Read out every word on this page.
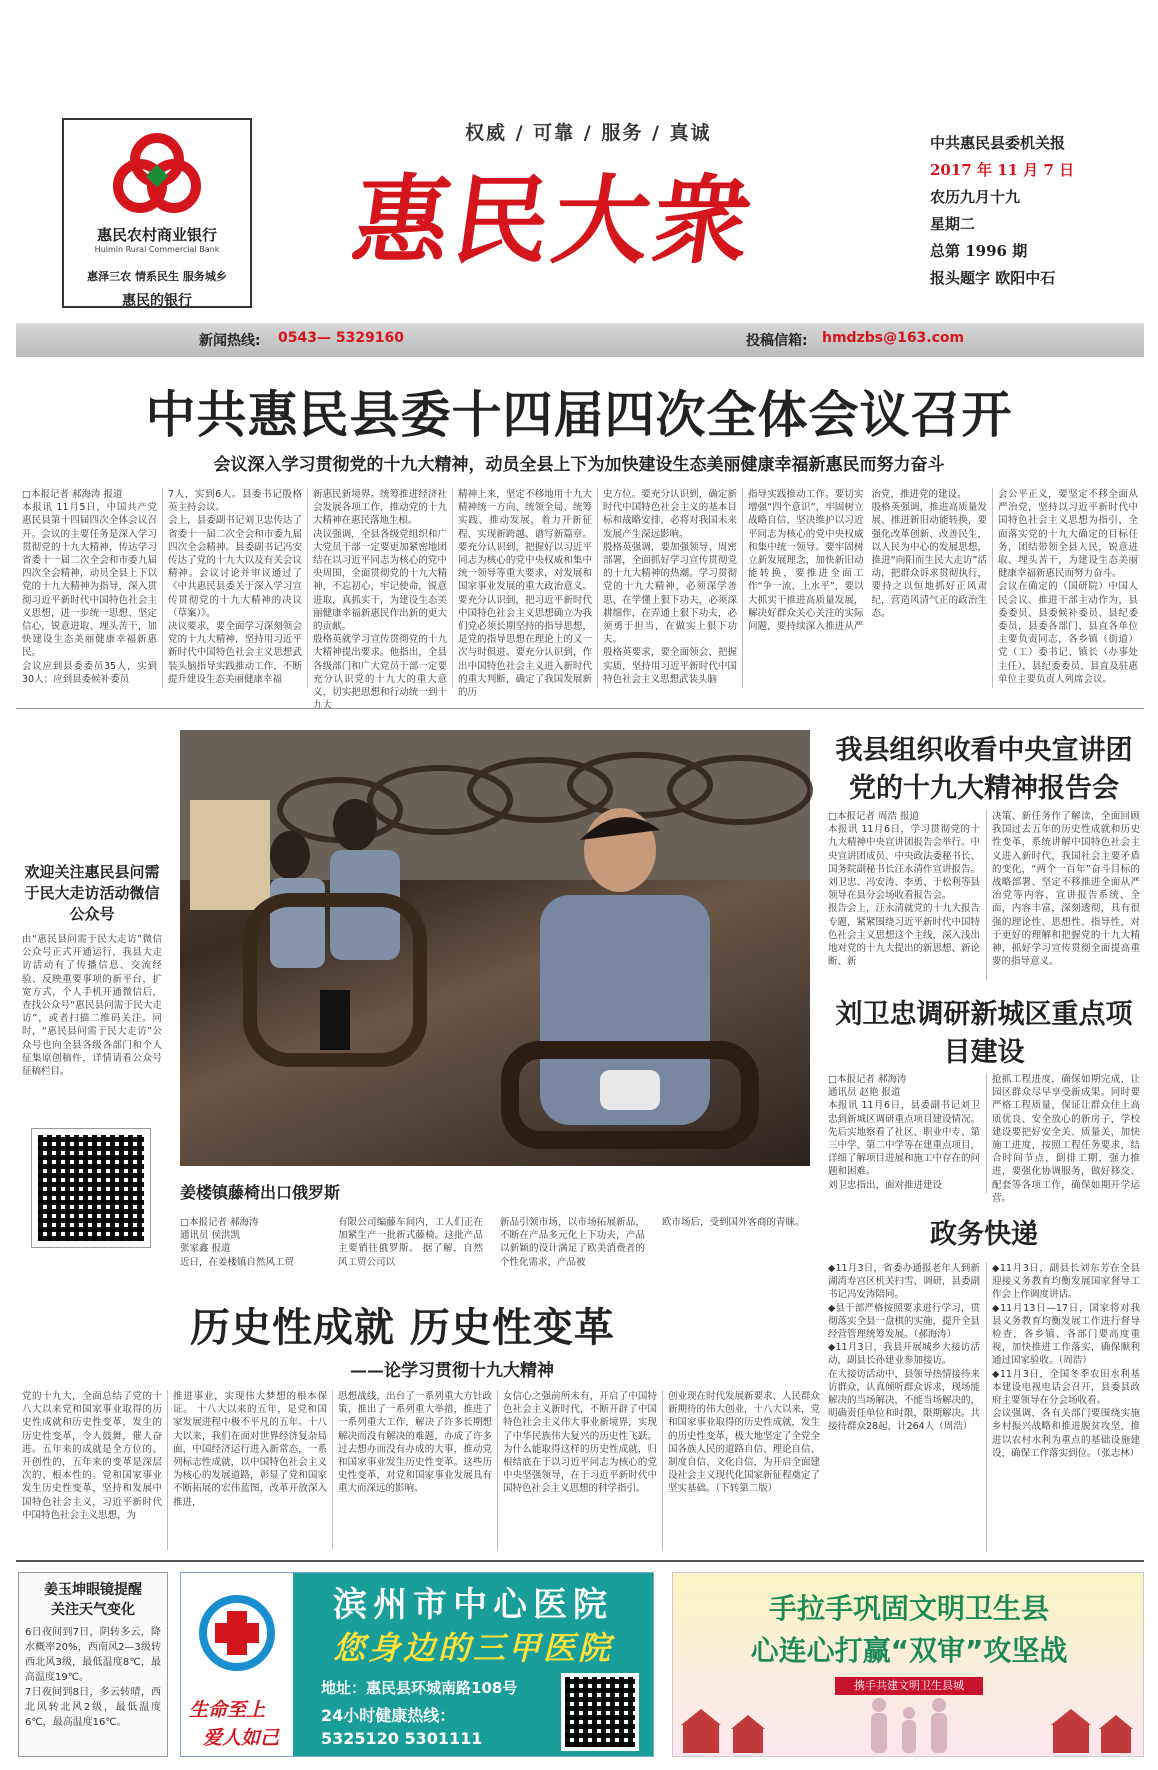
惠民农村商业银行
Huimin Rural Commercial Bank
惠泽三农 情系民生 服务城乡
惠民的银行
权威 / 可靠 / 服务 / 真诚
惠民大衆
中共惠民县委机关报
2017 年 11 月 7 日
农历九月十九
星期二
总第 1996 期
报头题字 欧阳中石
新闻热线: 0543— 5329160	投稿信箱: hmdzbs@163.com
中共惠民县委十四届四次全体会议召开
会议深入学习贯彻党的十九大精神，动员全县上下为加快建设生态美丽健康幸福新惠民而努力奋斗
□本报记者 郝海涛 报道
本报讯 11月5日，中国共产党惠民县第十四届四次全体会议召开。会议的主要任务是深入学习贯彻党的十九大精神，传达学习省委十一届二次全会和市委九届四次全会精神，动员全县上下以党的十九大精神为指导，深入贯彻习近平新时代中国特色社会主义思想，进一步统一思想、坚定信心，锐意进取、埋头苦干，加快建设生态美丽健康幸福新惠民。
会议应到县委委员35人，实到30人；应到县委候补委员
7人，实到6人。县委书记殷格英主持会议。
会上，县委副书记刘卫忠传达了省委十一届二次全会和市委九届四次全会精神。县委副书记冯安传达了党的十九大以及有关会议精神。会议讨论并审议通过了《中共惠民县委关于深入学习宣传贯彻党的十九大精神的决议（草案）》。
决议要求，要全面学习深刻领会党的十九大精神，坚持用习近平新时代中国特色社会主义思想武装头脑指导实践推动工作，不断提升建设生态美丽健康幸福
新惠民新境界。统筹推进经济社会发展各项工作，推动党的十九大精神在惠民落地生根。
决议强调，全县各级党组织和广大党员干部一定要更加紧密地团结在以习近平同志为核心的党中央周围，全面贯彻党的十九大精神，不忘初心，牢记使命，锐意进取，真抓实干，为建设生态美丽健康幸福新惠民作出新的更大的贡献。
殷格英就学习宣传贯彻党的十九大精神提出要求。他指出，全县各级部门和广大党员干部一定要充分认识党的十九大的重大意义，切实把思想和行动统一到十九大
精神上来，坚定不移地用十九大精神统一方向、统领全局、统筹实践、推动发展，着力开新征程、实现新跨越、谱写新篇章。要充分认识到，把握好以习近平同志为核心的党中央权威和集中统一领导等重大要求，对发展和国家事业发展的重大政治意义。要充分认识到，把习近平新时代中国特色社会主义思想确立为我们党必须长期坚持的指导思想，是党的指导思想在理论上的又一次与时俱进。要充分认识到，作出中国特色社会主义进入新时代的重大判断，确定了我国发展新的历
史方位。要充分认识到，确定新时代中国特色社会主义的基本目标和战略安排，必将对我国未来发展产生深远影响。
殷格英强调，要加强领导、周密部署，全面抓好学习宣传贯彻党的十九大精神的热潮。学习贯彻党的十九大精神，必须深学善思、在学懂上狠下功夫，必须深耕细作，在弄通上狠下功夫，必须勇于担当，在做实上狠下功夫。
殷格英要求，要全面领会、把握实质，坚持用习近平新时代中国特色社会主义思想武装头脑
指导实践推动工作。要切实增强“四个意识”，牢固树立战略自信，坚决维护以习近平同志为核心的党中央权威和集中统一领导。要牢固树立新发展理念，加快新旧动能转换，要推进全面工作“争一流、上水平”，要以大抓实干推进高质量发展，解决好群众关心关注的实际问题，要持续深入推进从严治党，推进党的建设。
殷格英强调，推进高质量发展、推进新旧动能转换，要强化改革创新、改善民生，以人民为中心的发展思想，推进“向阳而生民大走访”活动，把群众诉求贯彻执行，要持之以恒地抓好正风肃纪，营造风清气正的政治生态。
会公平正义，要坚定不移全面从严治党，坚持以习近平新时代中国特色社会主义思想为指引，全面落实党的十九大确定的目标任务，团结带领全县人民，锐意进取、埋头苦干，为建设生态美丽健康幸福新惠民而努力奋斗。
会议在确定的（国研院）中国人民会议、推进干部主动作为，县委委员、县委候补委员、县纪委委员，县委各部门、县直各单位主要负责同志，各乡镇（街道）党（工）委书记、镇长（办事处主任），县纪委委员、县直及驻惠单位主要负责人列席会议。
欢迎关注惠民县问需于民大走访活动微信公众号
由“惠民县问需于民大走访”微信公众号正式开通运行，我县大走访活动有了传播信息、交流经验、反映重要事项的新平台，扩宽方式，个人手机开通微信后，查找公众号“惠民县问需于民大走访”，或者扫描二维码关注。同时，“惠民县问需于民大走访”公众号也向全县各级各部门和个人征集原创稿件，详情请看公众号征稿栏目。
姜楼镇藤椅出口俄罗斯
□本报记者 郝海涛
通讯员 侯洪凯
张家鑫 报道
近日，在姜楼镇自然风工贸
有限公司编藤车间内，工人们正在加紧生产一批新式藤椅。这批产品主要销往俄罗斯。 据了解，自然风工贸公司以
新品引领市场，以市场拓展新品，不断在产品多元化上下功夫，产品以新颖的设计满足了欧美消费者的个性化需求，产品被
欧市场后，受到国外客商的青睐。
我县组织收看中央宣讲团党的十九大精神报告会
□本报记者 周浩 报道
本报讯 11月6日，学习贯彻党的十九大精神中央宣讲团报告会举行。中央宣讲团成员、中央政法委秘书长、国务院副秘书长汪永清作宣讲报告。刘卫忠、冯安涛、李勇、于松利等县领导在县分会场收看报告会。
报告会上，汪永清就党的十九大报告专题，紧紧围绕习近平新时代中国特色社会主义思想这个主线，深入浅出地对党的十九大提出的新思想、新论断、新
决策、新任务作了解读，全面回顾我国过去五年的历史性成就和历史性变革，系统讲解中国特色社会主义进入新时代，我国社会主要矛盾的变化，“两个一百年”奋斗目标的战略部署、坚定不移推进全面从严治党等内容，宣讲报告系统、全面，内容丰富，深刻透彻，具有很强的理论性、思想性、指导性，对于更好的理解和把握党的十九大精神，抓好学习宣传贯彻全面提高重要的指导意义。
刘卫忠调研新城区重点项目建设
□本报记者 郝海涛
通讯员 赵艳 报道
本报讯 11月6日，县委副书记刘卫忠到新城区调研重点项目建设情况。先后实地察看了社区、职业中专、第三中学、第二中学等在建重点项目，详细了解项目进展和施工中存在的问题和困难。
刘卫忠指出，面对推进建设
抢抓工程进度，确保如期完成，让园区群众尽早享受新成果。同时要严格工程质量，保证让群众住上高质优良、安全放心的新房子，学校建设要把好安全关、质量关，加快施工进度，按照工程任务要求，结合时间节点，倒排工期，强力推进，要强化协调服务，做好移交、配套等各项工作，确保如期开学运营。
政务快递
◆11月3日，省委办通报老年人到新湖湾寿宫区机关扫雪、调研，县委副书记冯安涛陪同。
◆县干部严格按照要求进行学习，贯彻落实全县一盘棋的实施，提升全县经营管理统筹发展。（郝海涛）
◆11月3日，我县开展城乡大接访活动，副县长孙建业参加接访。
在大接访活动中，县领导热情接待来访群众，认真倾听群众诉求，现场能解决的当场解决，不能当场解决的，明确责任单位和时限，限期解决。共接待群众28起，计264人（周浩）
◆11月3日，副县长刘东芳在全县迎接义务教育均衡发展国家督导工作会上作调度讲话。
◆11月13日—17日，国家将对我县义务教育均衡发展工作进行督导检查，各乡镇、各部门要高度重视，加快推进工作落实，确保顺利通过国家验收。（周浩）
◆11月3日，全国冬季农田水利基本建设电视电话会召开，县委县政府主要领导在分会场收看。
会议强调，各有关部门要围绕实施乡村振兴战略和推进脱贫攻坚，推进以农村水利为重点的基础设施建设，确保工作落实到位。（张志林）
历史性成就 历史性变革
——论学习贯彻十九大精神
党的十九大，全面总结了党的十八大以来党和国家事业取得的历史性成就和历史性变革，发生的历史性变革，令人鼓舞，催人奋进。五年来的成就是全方位的、开创性的，五年来的变革是深层次的、根本性的。党和国家事业发生历史性变革，坚持和发展中国特色社会主义，习近平新时代中国特色社会主义思想，为
推进事业，实现伟大梦想的根本保证。 十八大以来的五年，是党和国家发展进程中极不平凡的五年。十八大以来，我们在面对世界经济复杂局面，中国经济运行进入新常态，一系列标志性成就，以中国特色社会主义为核心的发展道路，彰显了党和国家不断拓展的宏伟蓝图，改革开放深入推进，
思想战线，出台了一系列重大方针政策，推出了一系列重大举措，推进了一系列重大工作，解决了许多长期想解决而没有解决的难题，办成了许多过去想办而没有办成的大事，推动党和国家事业发生历史性变革。这些历史性变革，对党和国家事业发展具有重大而深远的影响。
女信心之强前所未有，开启了中国特色社会主义新时代，不断开辟了中国特色社会主义伟大事业新境界，实现了中华民族伟大复兴的历史性飞跃。为什么能取得这样的历史性成就，归根结底在于以习近平同志为核心的党中央坚强领导，在于习近平新时代中国特色社会主义思想的科学指引。
创业现在时代发展新要求、人民群众新期待的伟大创业，十八大以来，党和国家事业取得的历史性成就，发生的历史性变革，极大地坚定了全党全国各族人民的道路自信、理论自信、制度自信、文化自信，为开启全面建设社会主义现代化国家新征程奠定了坚实基础。（下转第二版）
姜玉坤眼镜提醒
关注天气变化
6日夜间到7日，阴转多云，降水概率20%，西南风2—3级转西北风3级，最低温度8℃，最高温度19℃。
7日夜间到8日，多云转晴，西北风转北风2级，最低温度6℃，最高温度16℃。
生命至上
爱人如己
滨州市中心医院
您身边的三甲医院
地址：惠民县环城南路108号
24小时健康热线：
5325120 5301111
手拉手巩固文明卫生县
心连心打赢“双审”攻坚战
携手共建文明卫生县城
